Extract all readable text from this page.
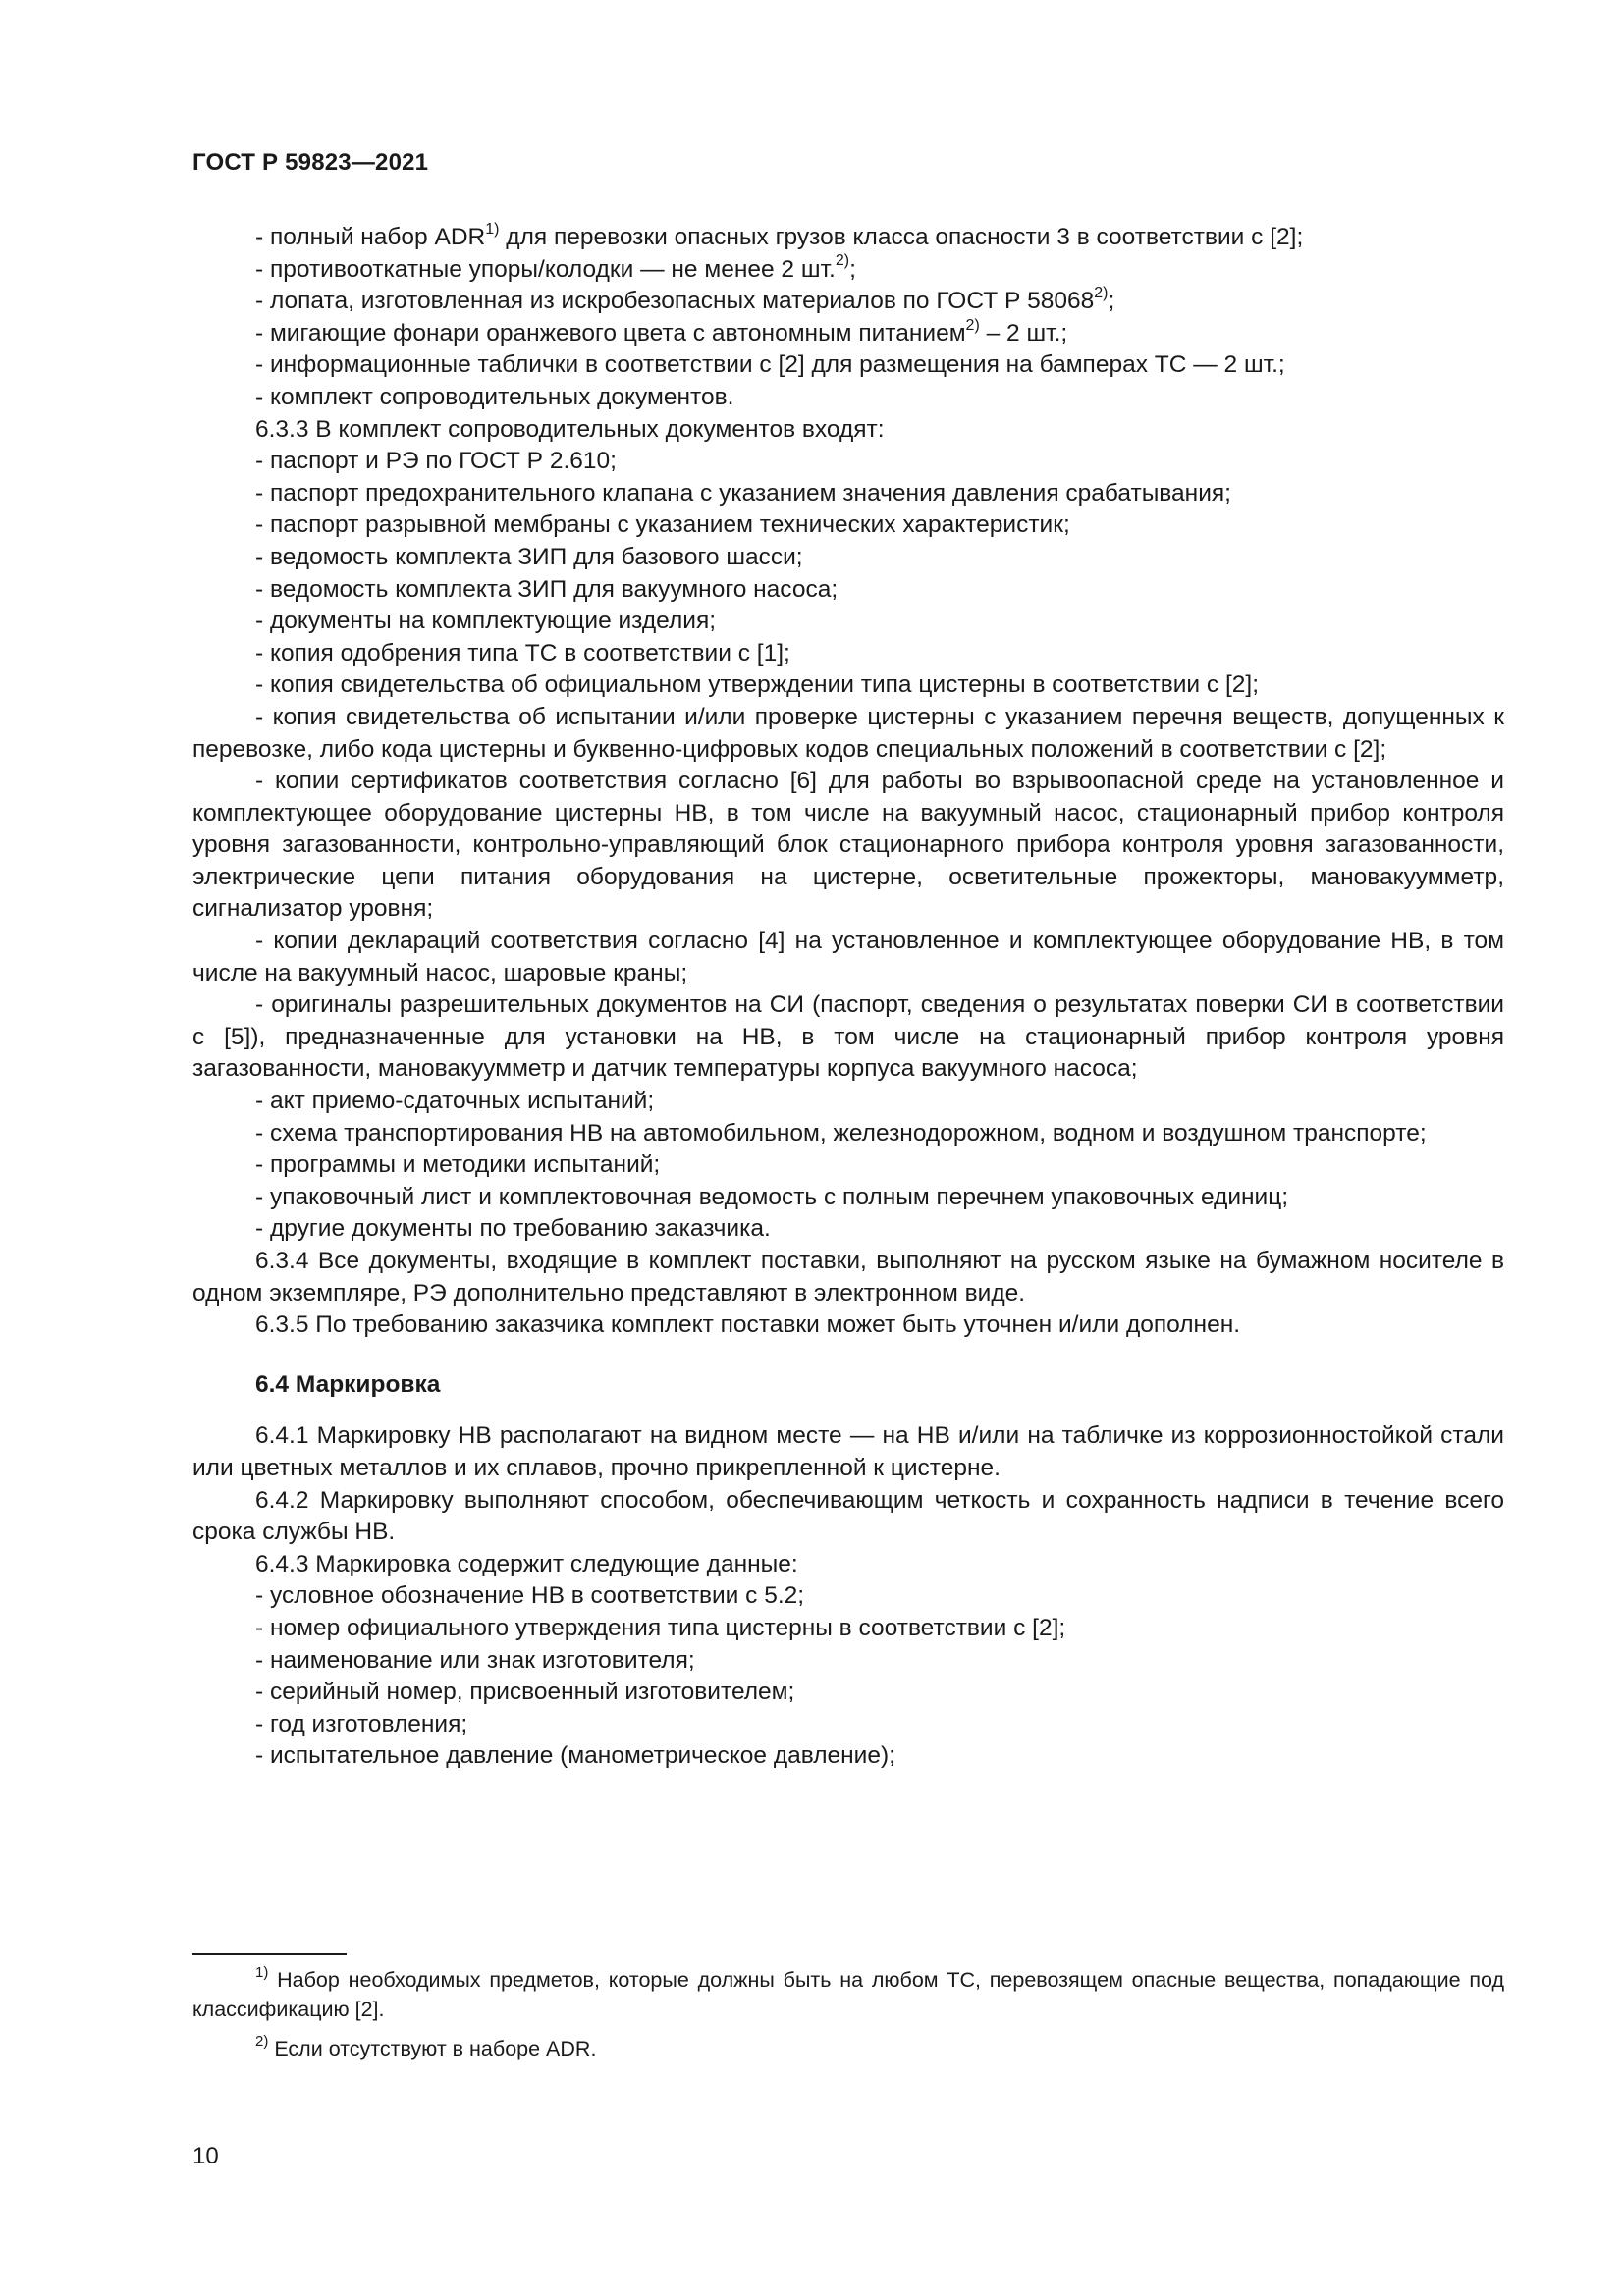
ГОСТ Р 59823—2021

- полный набор ADR$^{1)}$ для перевозки опасных грузов класса опасности 3 в соответствии с [2];

- противооткатные упоры/колодки — не менее 2 шт.$^{2)}$;

- лопата, изготовленная из искробезопасных материалов по ГОСТ Р 58068$^{2)}$;

- мигающие фонари оранжевого цвета с автономным питанием$^{2)}$ – 2 шт.;

- информационные таблички в соответствии с [2] для размещения на бамперах ТС — 2 шт.;

- комплект сопроводительных документов.

6.3.3 В комплект сопроводительных документов входят:

- паспорт и РЭ по ГОСТ Р 2.610;

- паспорт предохранительного клапана с указанием значения давления срабатывания;

- паспорт разрывной мембраны с указанием технических характеристик;

- ведомость комплекта ЗИП для базового шасси;

- ведомость комплекта ЗИП для вакуумного насоса;

- документы на комплектующие изделия;

- копия одобрения типа ТС в соответствии с [1];

- копия свидетельства об официальном утверждении типа цистерны в соответствии с [2];

- копия свидетельства об испытании и/или проверке цистерны с указанием перечня веществ, допущенных к перевозке, либо кода цистерны и буквенно-цифровых кодов специальных положений в соответствии с [2];

- копии сертификатов соответствия согласно [6] для работы во взрывоопасной среде на установленное и комплектующее оборудование цистерны НВ, в том числе на вакуумный насос, стационарный прибор контроля уровня загазованности, контрольно-управляющий блок стационарного прибора контроля уровня загазованности, электрические цепи питания оборудования на цистерне, осветительные прожекторы, мановакуумметр, сигнализатор уровня;

- копии деклараций соответствия согласно [4] на установленное и комплектующее оборудование НВ, в том числе на вакуумный насос, шаровые краны;

- оригиналы разрешительных документов на СИ (паспорт, сведения о результатах поверки СИ в соответствии с [5]), предназначенные для установки на НВ, в том числе на стационарный прибор контроля уровня загазованности, мановакуумметр и датчик температуры корпуса вакуумного насоса;

- акт приемо-сдаточных испытаний;

- схема транспортирования НВ на автомобильном, железнодорожном, водном и воздушном транспорте;

- программы и методики испытаний;

- упаковочный лист и комплектовочная ведомость с полным перечнем упаковочных единиц;

- другие документы по требованию заказчика.

6.3.4 Все документы, входящие в комплект поставки, выполняют на русском языке на бумажном носителе в одном экземпляре, РЭ дополнительно представляют в электронном виде.

6.3.5 По требованию заказчика комплект поставки может быть уточнен и/или дополнен.

6.4 Маркировка

6.4.1 Маркировку НВ располагают на видном месте — на НВ и/или на табличке из коррозионностойкой стали или цветных металлов и их сплавов, прочно прикрепленной к цистерне.

6.4.2 Маркировку выполняют способом, обеспечивающим четкость и сохранность надписи в течение всего срока службы НВ.

6.4.3 Маркировка содержит следующие данные:

- условное обозначение НВ в соответствии с 5.2;

- номер официального утверждения типа цистерны в соответствии с [2];

- наименование или знак изготовителя;

- серийный номер, присвоенный изготовителем;

- год изготовления;

- испытательное давление (манометрическое давление);

$^{1)}$ Набор необходимых предметов, которые должны быть на любом ТС, перевозящем опасные вещества, попадающие под классификацию [2].

$^{2)}$ Если отсутствуют в наборе ADR.

10
